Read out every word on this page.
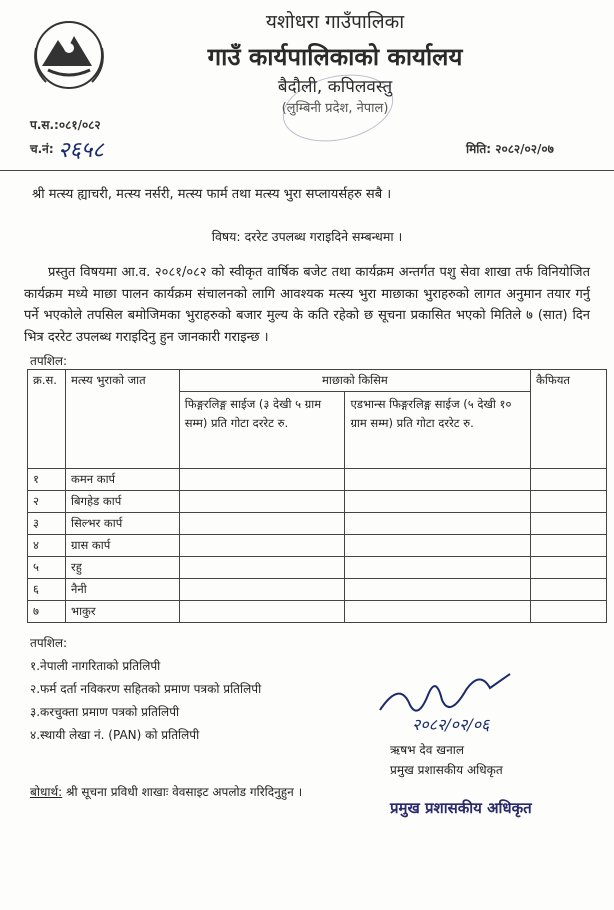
यशोधरा गाउँपालिका
गाउँ कार्यपालिकाको कार्यालय
बैदौली, कपिलवस्तु
(लुम्बिनी प्रदेश, नेपाल)
प.स.:०८१/०८२
च.नं: २६५८	मिति: २०८२/०२/०७
श्री मत्स्य ह्याचरी, मत्स्य नर्सरी, मत्स्य फार्म तथा मत्स्य भुरा सप्लायर्सहरु सबै ।
विषय: दररेट उपलब्ध गराइदिने सम्बन्धमा ।
प्रस्तुत विषयमा आ.व. २०८१/०८२ को स्वीकृत वार्षिक बजेट तथा कार्यक्रम अन्तर्गत पशु सेवा शाखा तर्फ विनियोजित कार्यक्रम मध्ये माछा पालन कार्यक्रम संचालनको लागि आवश्यक मत्स्य भुरा माछाका भुराहरुको लागत अनुमान तयार गर्नु पर्ने भएकोले तपसिल बमोजिमका भुराहरुको बजार मुल्य के कति रहेको छ सूचना प्रकासित भएको मितिले ७ (सात) दिन भित्र दररेट उपलब्ध गराइदिनु हुन जानकारी गराइन्छ ।
तपशिल:
क्र.स.	मत्स्य भुराको जात	माछाको किसिम		कैफियत
		फिङ्गरलिङ्ग साईज (३ देखी ५ ग्राम सम्म) प्रति गोटा दररेट रु.	एडभान्स फिङ्गरलिङ्ग साईज (५ देखी १० ग्राम सम्म) प्रति गोटा दररेट रु.	
१	कमन कार्प			
२	बिगहेड कार्प			
३	सिल्भर कार्प			
४	ग्रास कार्प			
५	रहु			
६	नैनी			
७	भाकुर			
तपशिल:
१.नेपाली नागरिताको प्रतिलिपी
२.फर्म दर्ता नविकरण सहितको प्रमाण पत्रको प्रतिलिपी
३.करचुक्ता प्रमाण पत्रको प्रतिलिपी
४.स्थायी लेखा नं. (PAN) को प्रतिलिपी
२०८२/०२/०६
ऋषभ देव खनाल
प्रमुख प्रशासकीय अधिकृत
बोधार्थ: श्री सूचना प्रविधी शाखाः वेवसाइट अपलोड गरिदिनुहुन ।
प्रमुख प्रशासकीय अधिकृत
